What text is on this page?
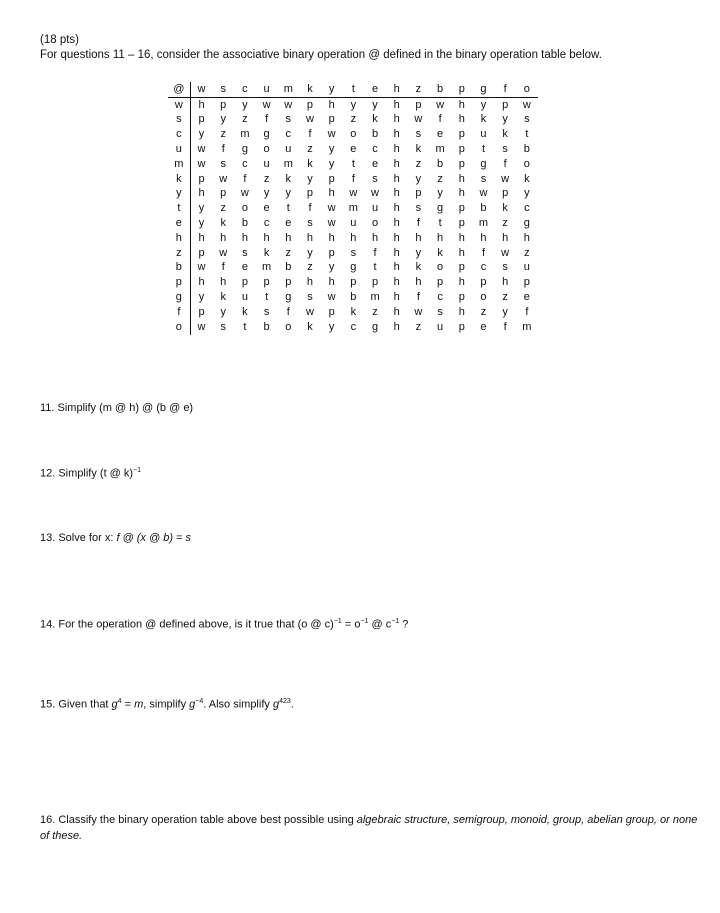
(18 pts)
For questions 11 – 16, consider the associative binary operation @ defined in the binary operation table below.
@	w	s	c	u	m	k	y	t	e	h	z	b	p	g	f	o
w	h	p	y	w	w	p	h	y	y	h	p	w	h	y	p	w
s	p	y	z	f	s	w	p	z	k	h	w	f	h	k	y	s
c	y	z	m	g	c	f	w	o	b	h	s	e	p	u	k	t
u	w	f	g	o	u	z	y	e	c	h	k	m	p	t	s	b
m	w	s	c	u	m	k	y	t	e	h	z	b	p	g	f	o
k	p	w	f	z	k	y	p	f	s	h	y	z	h	s	w	k
y	h	p	w	y	y	p	h	w	w	h	p	y	h	w	p	y
t	y	z	o	e	t	f	w	m	u	h	s	g	p	b	k	c
e	y	k	b	c	e	s	w	u	o	h	f	t	p	m	z	g
h	h	h	h	h	h	h	h	h	h	h	h	h	h	h	h	h
z	p	w	s	k	z	y	p	s	f	h	y	k	h	f	w	z
b	w	f	e	m	b	z	y	g	t	h	k	o	p	c	s	u
p	h	h	p	p	p	h	h	p	p	h	h	p	h	p	h	p
g	y	k	u	t	g	s	w	b	m	h	f	c	p	o	z	e
f	p	y	k	s	f	w	p	k	z	h	w	s	h	z	y	f
o	w	s	t	b	o	k	y	c	g	h	z	u	p	e	f	m
11. Simplify (m @ h) @ (b @ e)
12. Simplify (t @ k)$^{-1}$
13. Solve for x: f @ (x @ b) = s
14. For the operation @ defined above, is it true that (o @ $c)^{-1} = o^{-1}$ @ $c^{-1}$ ?
15. Given that $g^4 = m$, simplify $g^{-4}$. Also simplify $g^{423}$.
16. Classify the binary operation table above best possible using algebraic structure, semigroup, monoid, group, abelian group, or none of these.
